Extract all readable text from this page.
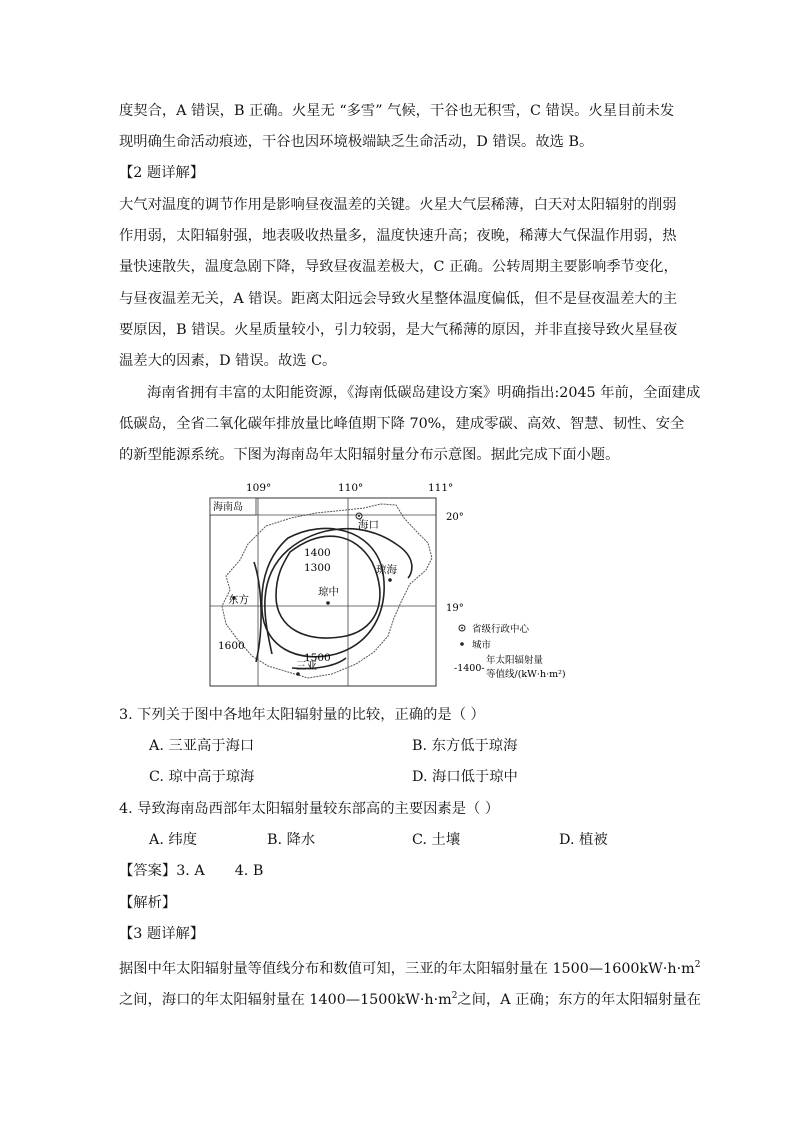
度契合，A 错误，B 正确。火星无 “多雪” 气候，干谷也无积雪，C 错误。火星目前未发
现明确生命活动痕迹，干谷也因环境极端缺乏生命活动，D 错误。故选 B。
【2 题详解】
大气对温度的调节作用是影响昼夜温差的关键。火星大气层稀薄，白天对太阳辐射的削弱
作用弱，太阳辐射强，地表吸收热量多，温度快速升高；夜晚，稀薄大气保温作用弱，热
量快速散失，温度急剧下降，导致昼夜温差极大，C 正确。公转周期主要影响季节变化，
与昼夜温差无关，A 错误。距离太阳远会导致火星整体温度偏低，但不是昼夜温差大的主
要原因，B 错误。火星质量较小，引力较弱，是大气稀薄的原因，并非直接导致火星昼夜
温差大的因素，D 错误。故选 C。
海南省拥有丰富的太阳能资源，《海南低碳岛建设方案》明确指出:2045 年前，全面建成
低碳岛，全省二氧化碳年排放量比峰值期下降 70%，建成零碳、高效、智慧、韧性、安全
的新型能源系统。下图为海南岛年太阳辐射量分布示意图。据此完成下面小题。
109°	110°	111°
海南岛
20°
19°
1400
1300
1500
1600
海口
琼海
琼中
东方
三亚
省级行政中心
城市
-1400-
年太阳辐射量
等值线/(kW·h·m²)
3. 下列关于图中各地年太阳辐射量的比较，正确的是（ ）
A. 三亚高于海口	B. 东方低于琼海
C. 琼中高于琼海	D. 海口低于琼中
4. 导致海南岛西部年太阳辐射量较东部高的主要因素是（ ）
A. 纬度	B. 降水	C. 土壤	D. 植被
【答案】3. A 4. B
【解析】
【3 题详解】
据图中年太阳辐射量等值线分布和数值可知，三亚的年太阳辐射量在 $1500—1600kW\cdot h\cdot m^2$
之间，海口的年太阳辐射量在 $1400—1500kW\cdot h\cdot m^2$之间，A 正确；东方的年太阳辐射量在
